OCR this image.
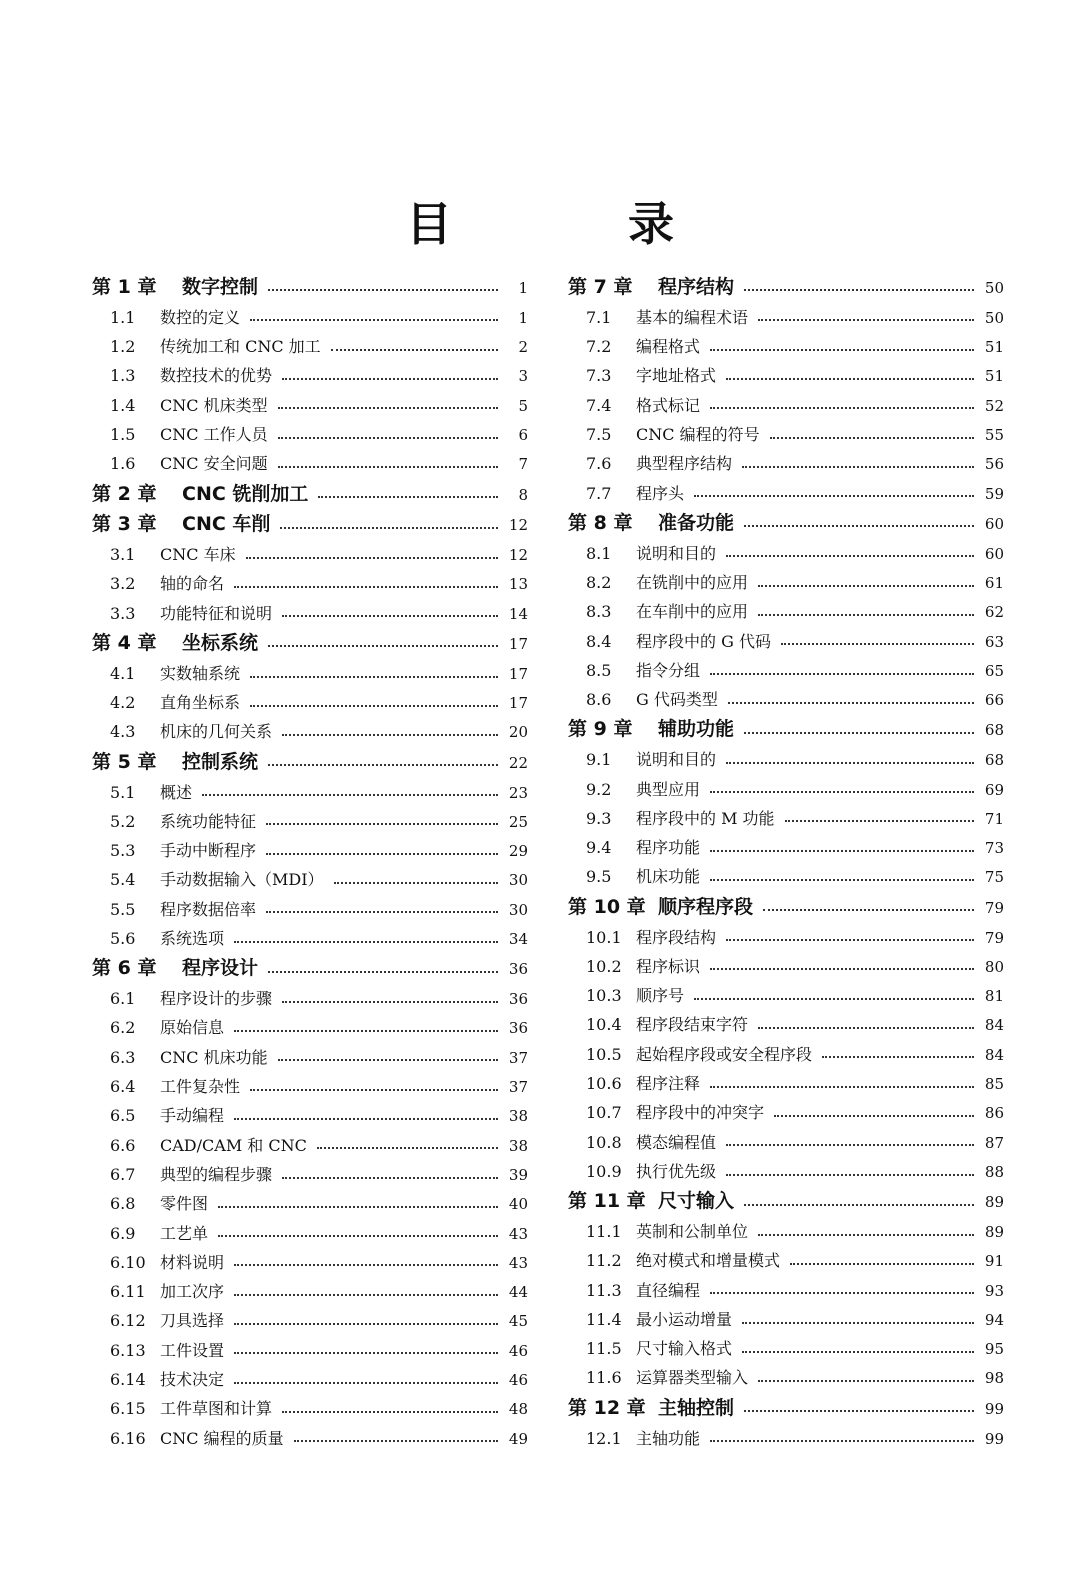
目 录
第 1 章	数字控制	1
1.1	数控的定义	1
1.2	传统加工和 CNC 加工	2
1.3	数控技术的优势	3
1.4	CNC 机床类型	5
1.5	CNC 工作人员	6
1.6	CNC 安全问题	7
第 2 章	CNC 铣削加工	8
第 3 章	CNC 车削	12
3.1	CNC 车床	12
3.2	轴的命名	13
3.3	功能特征和说明	14
第 4 章	坐标系统	17
4.1	实数轴系统	17
4.2	直角坐标系	17
4.3	机床的几何关系	20
第 5 章	控制系统	22
5.1	概述	23
5.2	系统功能特征	25
5.3	手动中断程序	29
5.4	手动数据输入（MDI）	30
5.5	程序数据倍率	30
5.6	系统选项	34
第 6 章	程序设计	36
6.1	程序设计的步骤	36
6.2	原始信息	36
6.3	CNC 机床功能	37
6.4	工件复杂性	37
6.5	手动编程	38
6.6	CAD/CAM 和 CNC	38
6.7	典型的编程步骤	39
6.8	零件图	40
6.9	工艺单	43
6.10 材料说明	43
6.11 加工次序	44
6.12 刀具选择	45
6.13 工件设置	46
6.14 技术决定	46
6.15 工件草图和计算	48
6.16 CNC 编程的质量	49
第 7 章	程序结构	50
7.1	基本的编程术语	50
7.2	编程格式	51
7.3	字地址格式	51
7.4	格式标记	52
7.5	CNC 编程的符号	55
7.6	典型程序结构	56
7.7	程序头	59
第 8 章	准备功能	60
8.1	说明和目的	60
8.2	在铣削中的应用	61
8.3	在车削中的应用	62
8.4	程序段中的 G 代码	63
8.5	指令分组	65
8.6	G 代码类型	66
第 9 章	辅助功能	68
9.1	说明和目的	68
9.2	典型应用	69
9.3	程序段中的 M 功能	71
9.4	程序功能	73
9.5	机床功能	75
第 10 章 顺序程序段	79
10.1 程序段结构	79
10.2 程序标识	80
10.3 顺序号	81
10.4 程序段结束字符	84
10.5 起始程序段或安全程序段	84
10.6 程序注释	85
10.7 程序段中的冲突字	86
10.8 模态编程值	87
10.9 执行优先级	88
第 11 章 尺寸输入	89
11.1 英制和公制单位	89
11.2 绝对模式和增量模式	91
11.3 直径编程	93
11.4 最小运动增量	94
11.5 尺寸输入格式	95
11.6 运算器类型输入	98
第 12 章 主轴控制	99
12.1 主轴功能	99
